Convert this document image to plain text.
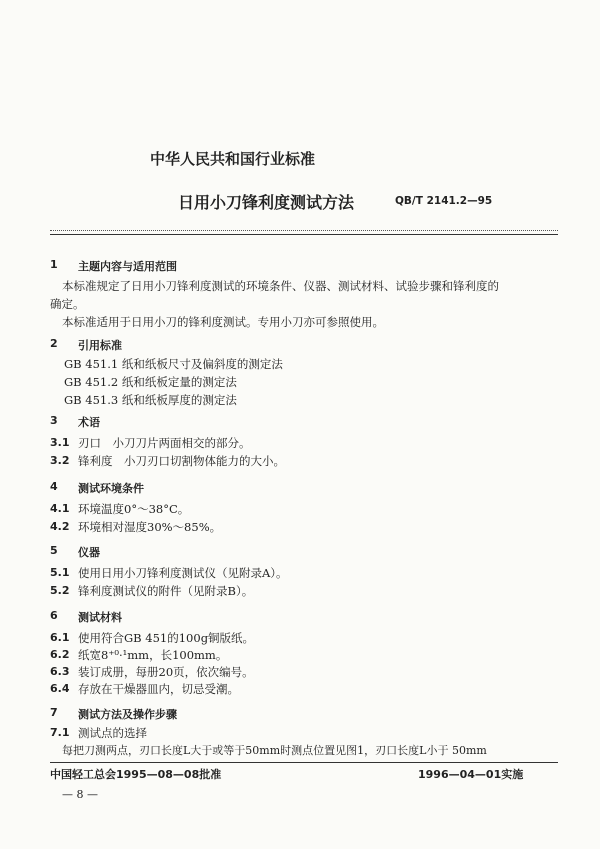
中华人民共和国行业标准
日用小刀锋利度测试方法	QB/T 2141.2—95
1 主题内容与适用范围
本标准规定了日用小刀锋利度测试的环境条件、仪器、测试材料、试验步骤和锋利度的
确定。
本标准适用于日用小刀的锋利度测试。专用小刀亦可参照使用。
2 引用标准
GB 451.1 纸和纸板尺寸及偏斜度的测定法
GB 451.2 纸和纸板定量的测定法
GB 451.3 纸和纸板厚度的测定法
3 术语
3.1 刃口　小刀刀片两面相交的部分。
3.2 锋利度　小刀刃口切割物体能力的大小。
4 测试环境条件
4.1 环境温度0°～38°C。
4.2 环境相对湿度30%～85%。
5 仪器
5.1 使用日用小刀锋利度测试仪（见附录A）。
5.2 锋利度测试仪的附件（见附录B）。
6 测试材料
6.1 使用符合GB 451的100g铜版纸。
6.2 纸宽8⁺⁰·¹mm，长100mm。
6.3 装订成册，每册20页，依次编号。
6.4 存放在干燥器皿内，切忌受潮。
7 测试方法及操作步骤
7.1 测试点的选择
每把刀测两点，刃口长度L大于或等于50mm时测点位置见图1，刃口长度L小于 50mm
中国轻工总会1995—08—08批准	1996—04—01实施
— 8 —
